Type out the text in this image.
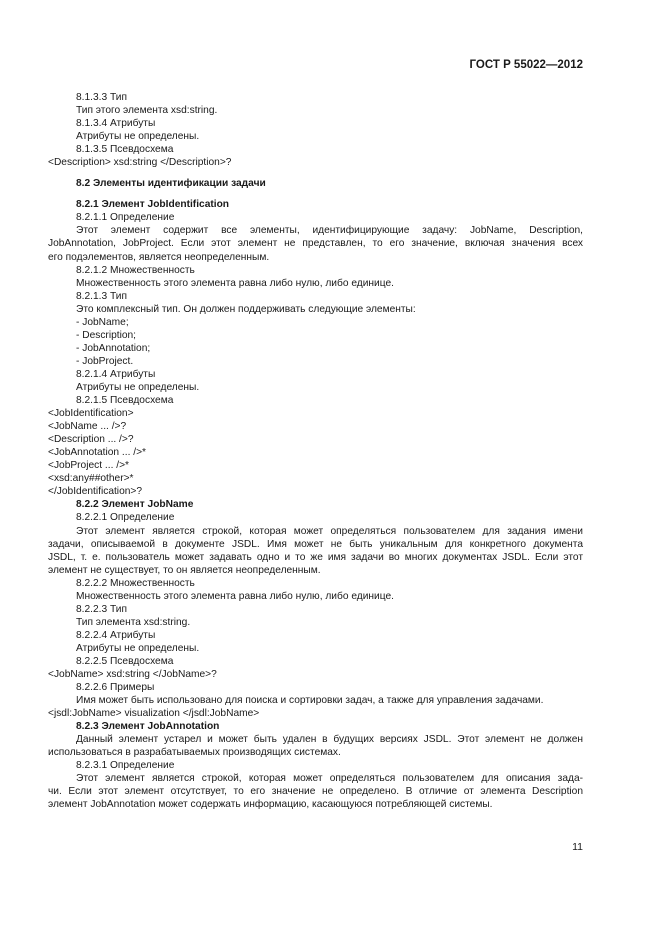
ГОСТ Р 55022—2012
8.1.3.3 Тип
Тип этого элемента xsd:string.
8.1.3.4 Атрибуты
Атрибуты не определены.
8.1.3.5 Псевдосхема
<Description> xsd:string </Description>?
8.2 Элементы идентификации задачи
8.2.1 Элемент JobIdentification
8.2.1.1 Определение
Этот элемент содержит все элементы, идентифицирующие задачу: JobName, Description,
JobAnnotation, JobProject. Если этот элемент не представлен, то его значение, включая значения всех
его подэлементов, является неопределенным.
8.2.1.2 Множественность
Множественность этого элемента равна либо нулю, либо единице.
8.2.1.3 Тип
Это комплексный тип. Он должен поддерживать следующие элементы:
- JobName;
- Description;
- JobAnnotation;
- JobProject.
8.2.1.4 Атрибуты
Атрибуты не определены.
8.2.1.5 Псевдосхема
<JobIdentification>
<JobName ... />?
<Description ... />?
<JobAnnotation ... />*
<JobProject ... />*
<xsd:any##other>*
</JobIdentification>?
8.2.2 Элемент JobName
8.2.2.1 Определение
Этот элемент является строкой, которая может определяться пользователем для задания имени
задачи, описываемой в документе JSDL. Имя может не быть уникальным для конкретного документа
JSDL, т. е. пользователь может задавать одно и то же имя задачи во многих документах JSDL. Если этот
элемент не существует, то он является неопределенным.
8.2.2.2 Множественность
Множественность этого элемента равна либо нулю, либо единице.
8.2.2.3 Тип
Тип элемента xsd:string.
8.2.2.4 Атрибуты
Атрибуты не определены.
8.2.2.5 Псевдосхема
<JobName> xsd:string </JobName>?
8.2.2.6 Примеры
Имя может быть использовано для поиска и сортировки задач, а также для управления задачами.
<jsdl:JobName> visualization </jsdl:JobName>
8.2.3 Элемент JobAnnotation
Данный элемент устарел и может быть удален в будущих версиях JSDL. Этот элемент не должен
использоваться в разрабатываемых производящих системах.
8.2.3.1 Определение
Этот элемент является строкой, которая может определяться пользователем для описания зада-
чи. Если этот элемент отсутствует, то его значение не определено. В отличие от элемента Description
элемент JobAnnotation может содержать информацию, касающуюся потребляющей системы.
11
